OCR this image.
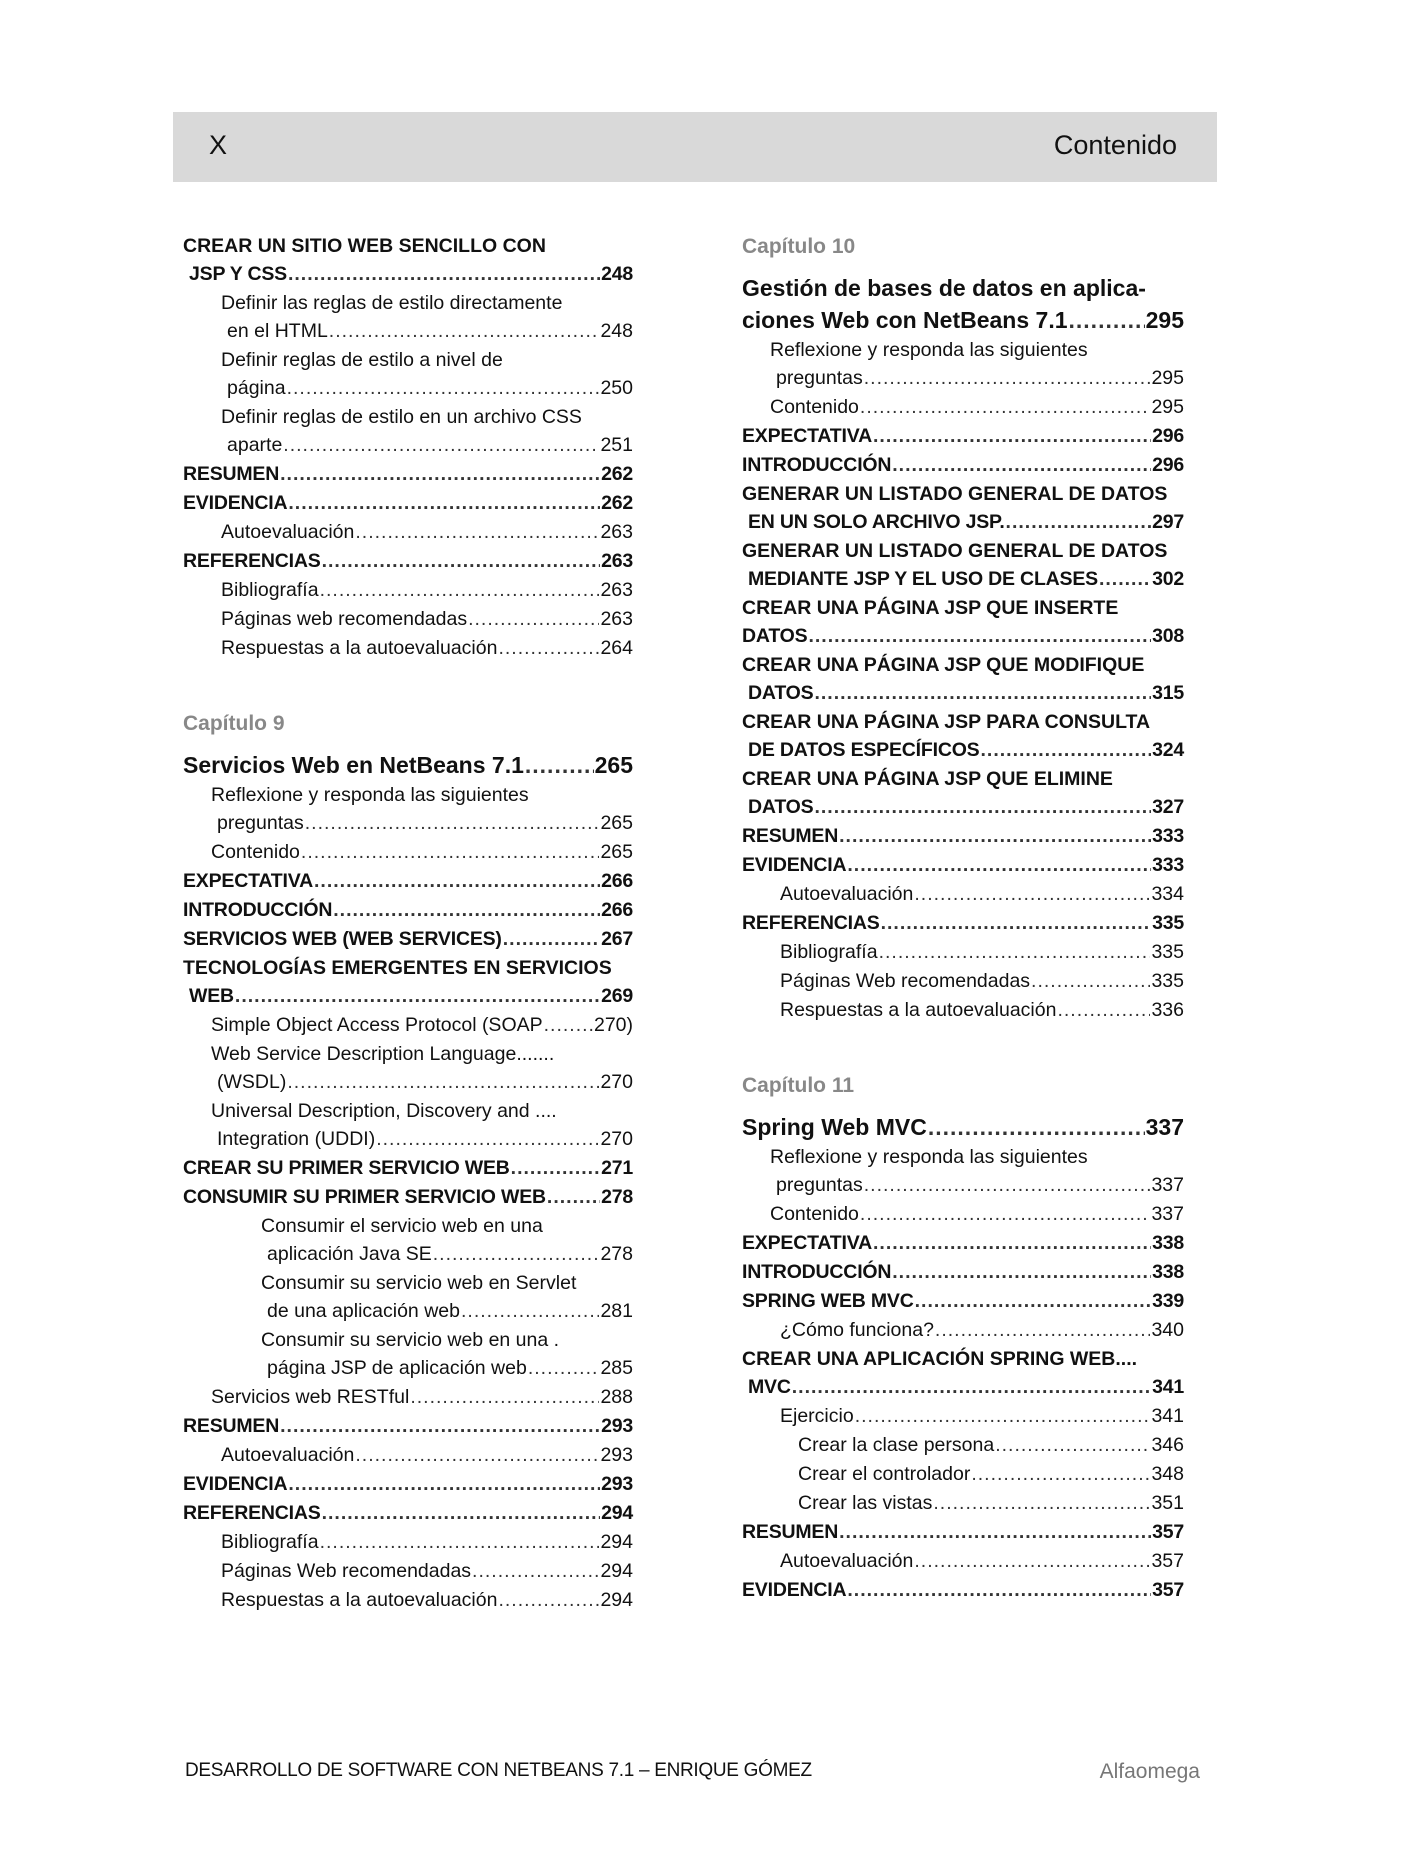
X	Contenido
CREAR UN SITIO WEB SENCILLO CON
JSP Y CSS .....	248
Definir las reglas de estilo directamente
en el HTML .....	248
Definir reglas de estilo a nivel de
página .....	250
Definir reglas de estilo en un archivo CSS
aparte .....	251
RESUMEN .....	262
EVIDENCIA .....	262
Autoevaluación .....	263
REFERENCIAS .....	263
Bibliografía .....	263
Páginas web recomendadas .....	263
Respuestas a la autoevaluación .....	264
Capítulo 9
Servicios Web en NetBeans 7.1 .....	265
Reflexione y responda las siguientes
preguntas .....	265
Contenido .....	265
EXPECTATIVA .....	266
INTRODUCCIÓN .....	266
SERVICIOS WEB (WEB SERVICES) .....	267
TECNOLOGÍAS EMERGENTES EN SERVICIOS
WEB .....	269
Simple Object Access Protocol (SOAP .....	270)
Web Service Description Language.......
(WSDL) .....	270
Universal Description, Discovery and ....
Integration (UDDI) .....	270
CREAR SU PRIMER SERVICIO WEB .....	271
CONSUMIR SU PRIMER SERVICIO WEB .....	278
Consumir el servicio web en una
aplicación Java SE .....	278
Consumir su servicio web en Servlet
de una aplicación web .....	281
Consumir su servicio web en una .
página JSP de aplicación web .....	285
Servicios web RESTful .....	288
RESUMEN .....	293
Autoevaluación .....	293
EVIDENCIA .....	293
REFERENCIAS .....	294
Bibliografía .....	294
Páginas Web recomendadas .....	294
Respuestas a la autoevaluación .....	294
Capítulo 10
Gestión de bases de datos en aplica-
ciones Web con NetBeans 7.1 .....	295
Reflexione y responda las siguientes
preguntas .....	295
Contenido .....	295
EXPECTATIVA .....	296
INTRODUCCIÓN .....	296
GENERAR UN LISTADO GENERAL DE DATOS
EN UN SOLO ARCHIVO JSP. .....	297
GENERAR UN LISTADO GENERAL DE DATOS
MEDIANTE JSP Y EL USO DE CLASES .....	302
CREAR UNA PÁGINA JSP QUE INSERTE
DATOS .....	308
CREAR UNA PÁGINA JSP QUE MODIFIQUE
DATOS .....	315
CREAR UNA PÁGINA JSP PARA CONSULTA
DE DATOS ESPECÍFICOS .....	324
CREAR UNA PÁGINA JSP QUE ELIMINE
DATOS .....	327
RESUMEN .....	333
EVIDENCIA .....	333
Autoevaluación .....	334
REFERENCIAS .....	335
Bibliografía .....	335
Páginas Web recomendadas .....	335
Respuestas a la autoevaluación .....	336
Capítulo 11
Spring Web MVC .....	337
Reflexione y responda las siguientes
preguntas .....	337
Contenido .....	337
EXPECTATIVA .....	338
INTRODUCCIÓN .....	338
SPRING WEB MVC .....	339
¿Cómo funciona? .....	340
CREAR UNA APLICACIÓN SPRING WEB....
MVC .....	341
Ejercicio .....	341
Crear la clase persona .....	346
Crear el controlador .....	348
Crear las vistas .....	351
RESUMEN .....	357
Autoevaluación .....	357
EVIDENCIA .....	357
DESARROLLO DE SOFTWARE CON NETBEANS 7.1 – ENRIQUE GÓMEZ	Alfaomega
